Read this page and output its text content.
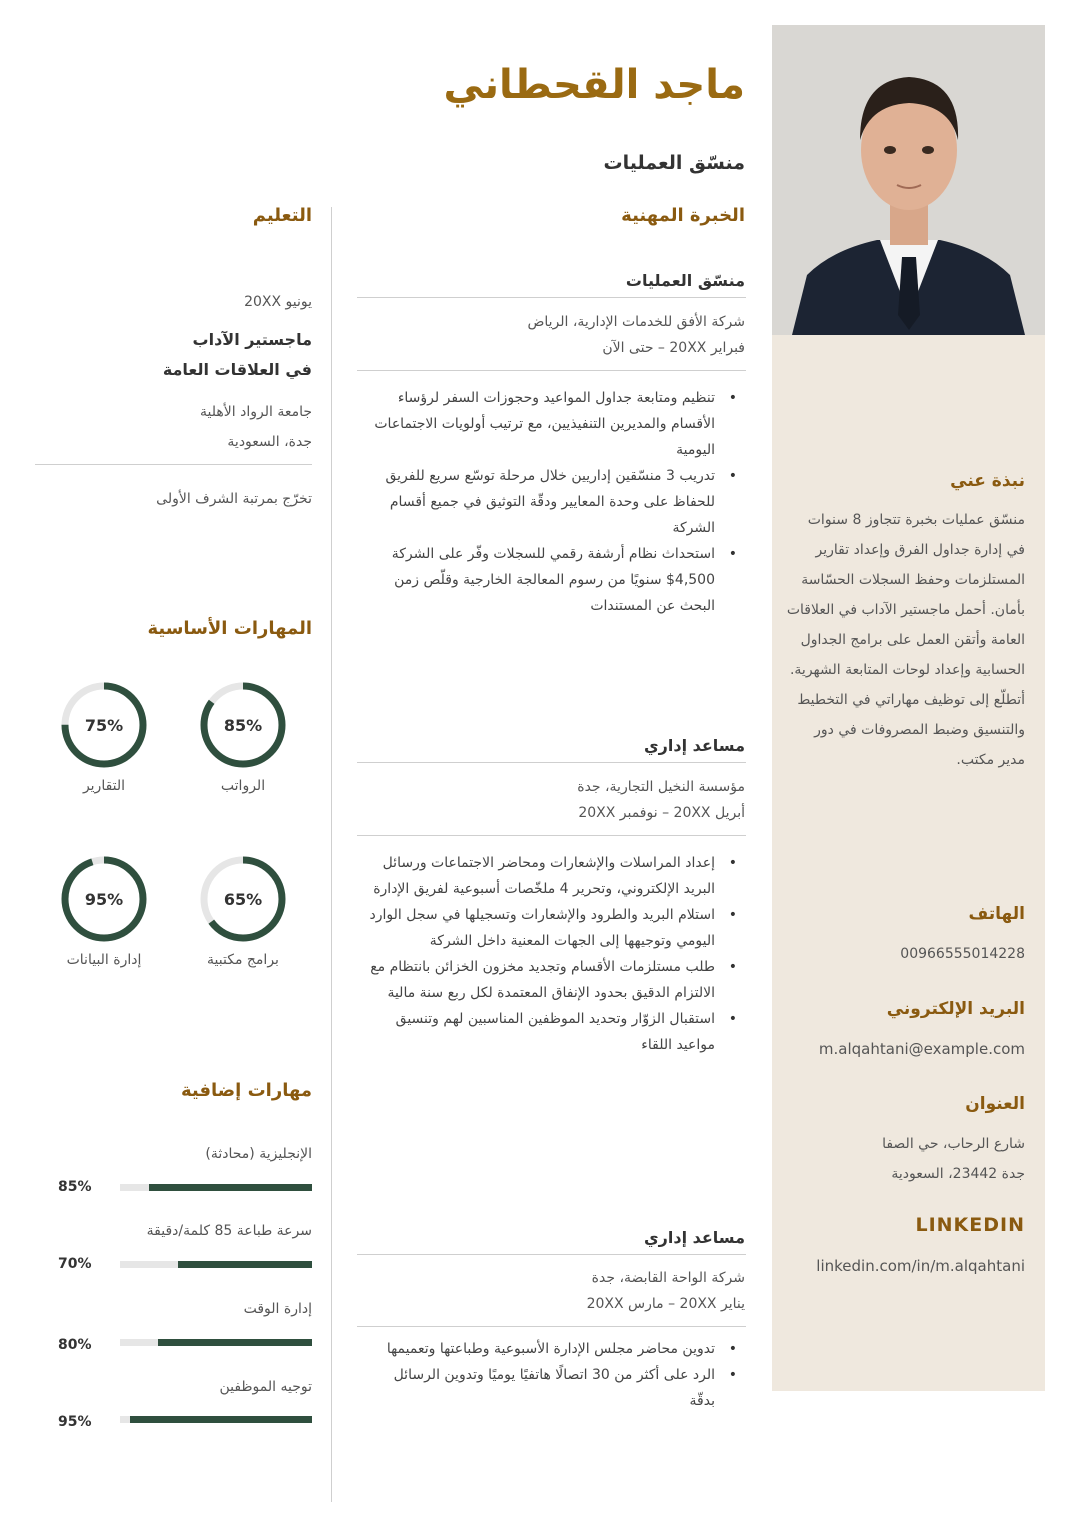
نبذة عني
منسّق عمليات بخبرة تتجاوز 8 سنوات في إدارة جداول الفرق وإعداد تقارير المستلزمات وحفظ السجلات الحسّاسة بأمان. أحمل ماجستير الآداب في العلاقات العامة وأتقن العمل على برامج الجداول الحسابية وإعداد لوحات المتابعة الشهرية. أتطلّع إلى توظيف مهاراتي في التخطيط والتنسيق وضبط المصروفات في دور مدير مكتب.
الهاتف
00966555014228
البريد الإلكتروني
m.alqahtani@example.com
العنوان
شارع الرحاب، حي الصفا
جدة 23442، السعودية
LINKEDIN
linkedin.com/in/m.alqahtani
ماجد القحطاني
منسّق العمليات
الخبرة المهنية
منسّق العمليات
شركة الأفق للخدمات الإدارية، الرياض
فبراير 20XX – حتى الآن
• تنظيم ومتابعة جداول المواعيد وحجوزات السفر لرؤساء الأقسام والمديرين التنفيذيين، مع ترتيب أولويات الاجتماعات اليومية
• تدريب 3 منسّقين إداريين خلال مرحلة توسّع سريع للفريق للحفاظ على وحدة المعايير ودقّة التوثيق في جميع أقسام الشركة
• استحداث نظام أرشفة رقمي للسجلات وفّر على الشركة 4,500$ سنويًا من رسوم المعالجة الخارجية وقلّص زمن البحث عن المستندات
مساعد إداري
مؤسسة النخيل التجارية، جدة
أبريل 20XX – نوفمبر 20XX
• إعداد المراسلات والإشعارات ومحاضر الاجتماعات ورسائل البريد الإلكتروني، وتحرير 4 ملخّصات أسبوعية لفريق الإدارة
• استلام البريد والطرود والإشعارات وتسجيلها في سجل الوارد اليومي وتوجيهها إلى الجهات المعنية داخل الشركة
• طلب مستلزمات الأقسام وتجديد مخزون الخزائن بانتظام مع الالتزام الدقيق بحدود الإنفاق المعتمدة لكل ربع سنة مالية
• استقبال الزوّار وتحديد الموظفين المناسبين لهم وتنسيق مواعيد اللقاء
مساعد إداري
شركة الواحة القابضة، جدة
يناير 20XX – مارس 20XX
• تدوين محاضر مجلس الإدارة الأسبوعية وطباعتها وتعميمها
• الرد على أكثر من 30 اتصالًا هاتفيًا يوميًا وتدوين الرسائل بدقّة
التعليم
يونيو 20XX
ماجستير الآداب
في العلاقات العامة
جامعة الرواد الأهلية
جدة، السعودية
تخرّج بمرتبة الشرف الأولى
المهارات الأساسية
85%
الرواتب
75%
التقارير
65%
برامج مكتبية
95%
إدارة البيانات
مهارات إضافية
الإنجليزية (محادثة)
85%
سرعة طباعة 85 كلمة/دقيقة
70%
إدارة الوقت
80%
توجيه الموظفين
95%
